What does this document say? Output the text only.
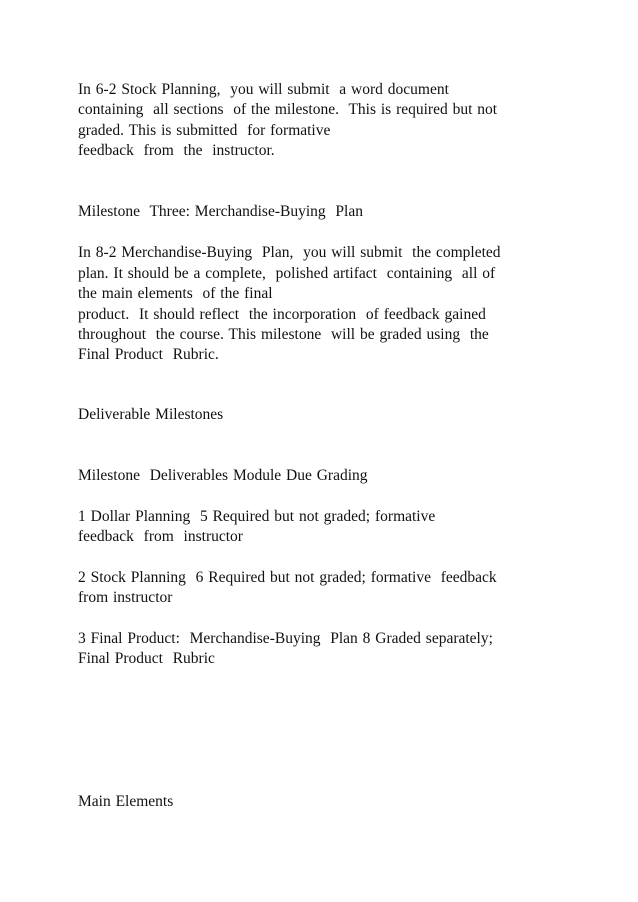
In 6-2 Stock Planning,  you will submit  a word document
containing  all sections  of the milestone.  This is required but not
graded. This is submitted  for formative
feedback  from  the  instructor.
Milestone  Three: Merchandise-Buying  Plan
In 8-2 Merchandise-Buying  Plan,  you will submit  the completed
plan. It should be a complete,  polished artifact  containing  all of
the main elements  of the final
product.  It should reflect  the incorporation  of feedback gained
throughout  the course. This milestone  will be graded using  the
Final Product  Rubric.
Deliverable Milestones
Milestone  Deliverables Module Due Grading
1 Dollar Planning  5 Required but not graded; formative
feedback  from  instructor
2 Stock Planning  6 Required but not graded; formative  feedback
from instructor
3 Final Product:  Merchandise-Buying  Plan 8 Graded separately;
Final Product  Rubric
Main Elements
